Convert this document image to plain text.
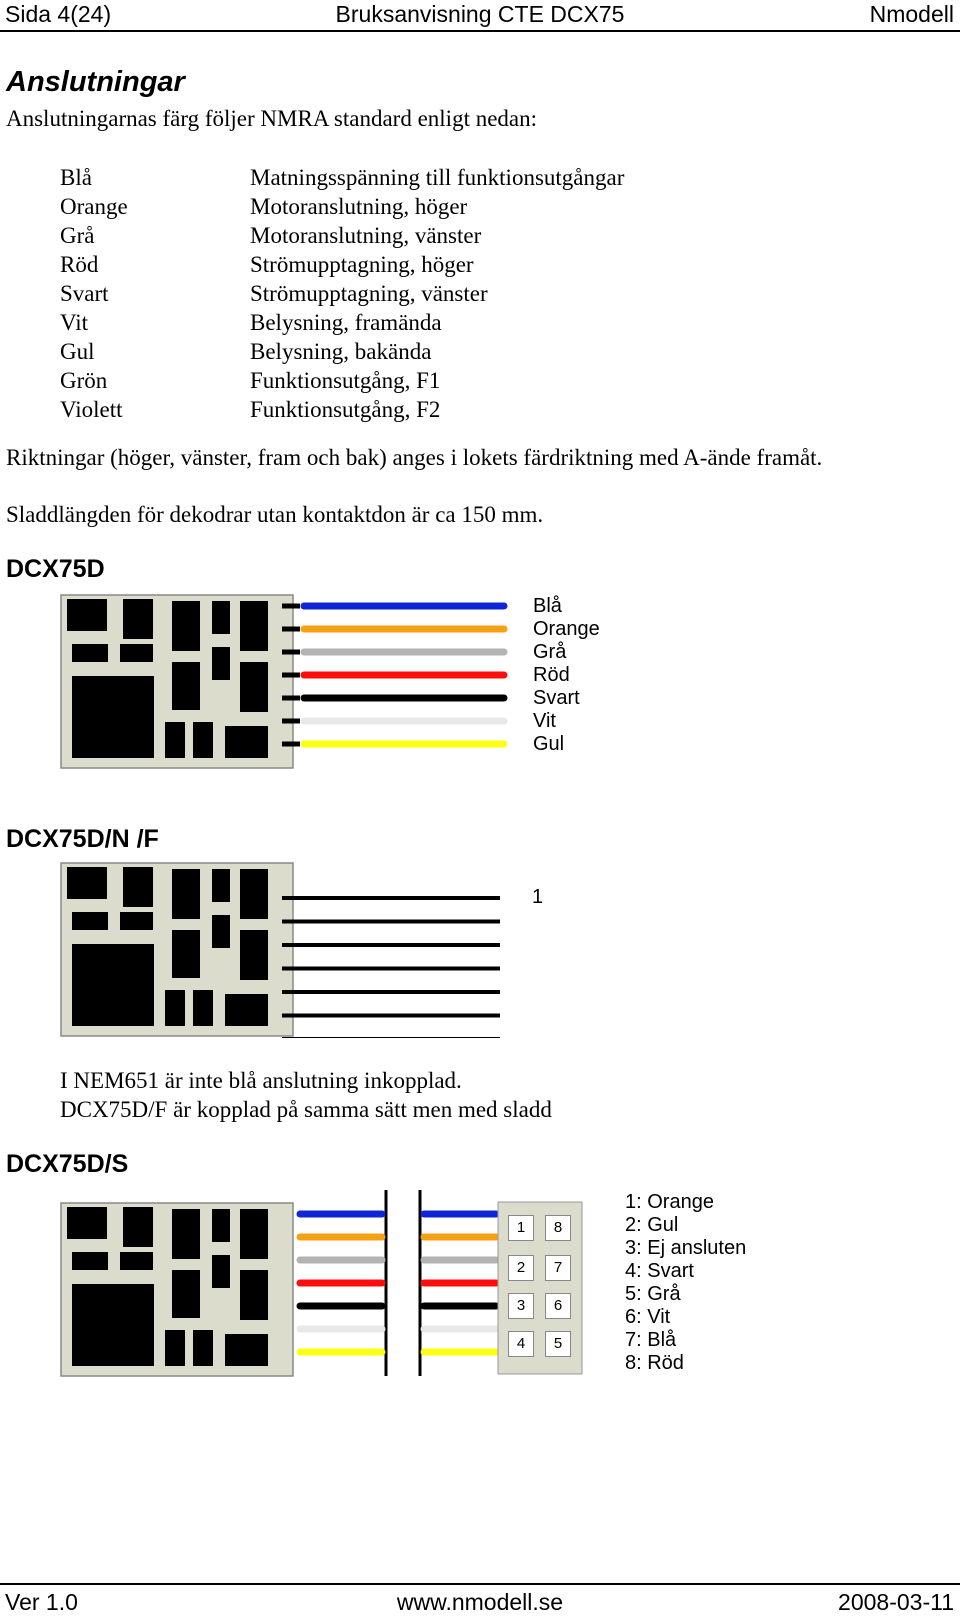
Sida 4(24)	Bruksanvisning CTE DCX75	Nmodell
Anslutningar
Anslutningarnas färg följer NMRA standard enligt nedan:
Blå	Matningsspänning till funktionsutgångar
Orange	Motoranslutning, höger
Grå	Motoranslutning, vänster
Röd	Strömupptagning, höger
Svart	Strömupptagning, vänster
Vit	Belysning, framända
Gul	Belysning, bakända
Grön	Funktionsutgång, F1
Violett	Funktionsutgång, F2
Riktningar (höger, vänster, fram och bak) anges i lokets färdriktning med A-ände framåt.
Sladdlängden för dekodrar utan kontaktdon är ca 150 mm.
DCX75D
Blå
Orange
Grå
Röd
Svart
Vit
Gul
DCX75D/N /F
1
I NEM651 är inte blå anslutning inkopplad.
DCX75D/F är kopplad på samma sätt men med sladd
DCX75D/S
1	8
2	7
3	6
4	5
1: Orange
2: Gul
3: Ej ansluten
4: Svart
5: Grå
6: Vit
7: Blå
8: Röd
Ver 1.0	www.nmodell.se	2008-03-11
